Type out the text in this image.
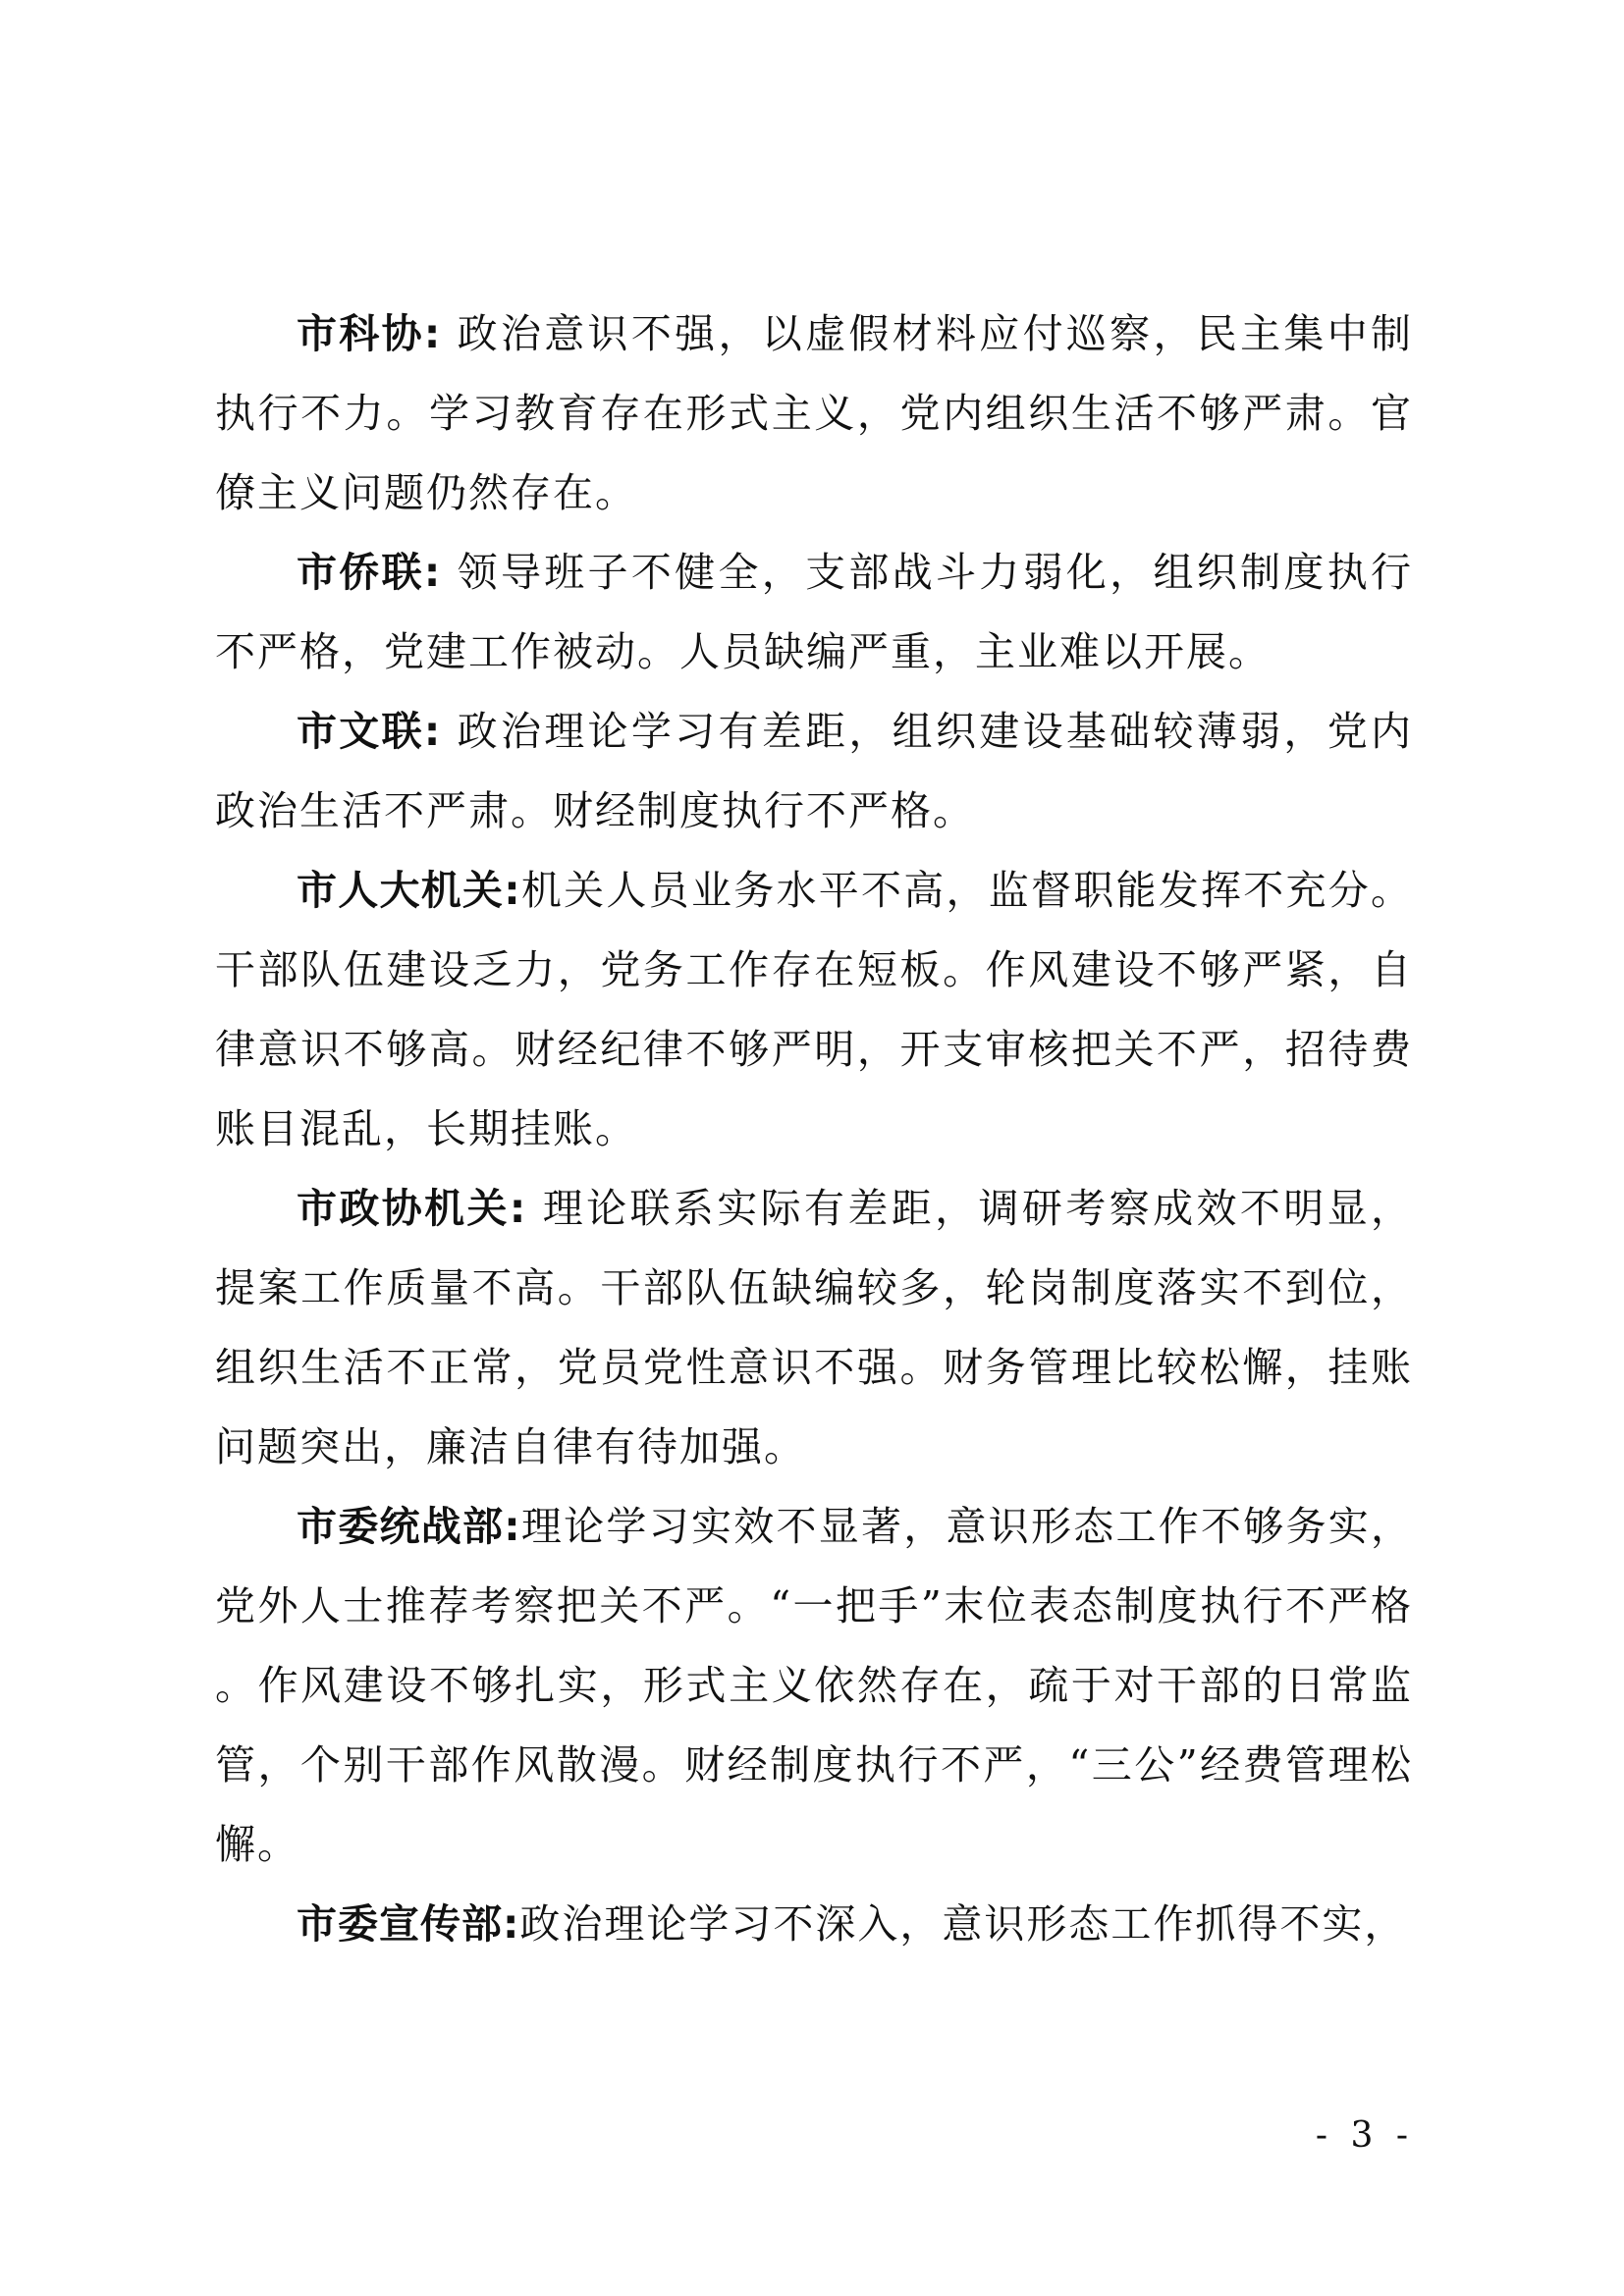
市科协: 政治意识不强，以虚假材料应付巡察，民主集中制执行不力。学习教育存在形式主义，党内组织生活不够严肃。官僚主义问题仍然存在。

市侨联: 领导班子不健全，支部战斗力弱化，组织制度执行不严格，党建工作被动。人员缺编严重，主业难以开展。

市文联: 政治理论学习有差距，组织建设基础较薄弱，党内政治生活不严肃。财经制度执行不严格。

市人大机关:机关人员业务水平不高，监督职能发挥不充分。干部队伍建设乏力，党务工作存在短板。作风建设不够严紧，自律意识不够高。财经纪律不够严明，开支审核把关不严，招待费账目混乱，长期挂账。

市政协机关: 理论联系实际有差距，调研考察成效不明显，提案工作质量不高。干部队伍缺编较多，轮岗制度落实不到位，组织生活不正常，党员党性意识不强。财务管理比较松懈，挂账问题突出，廉洁自律有待加强。

市委统战部:理论学习实效不显著，意识形态工作不够务实，党外人士推荐考察把关不严。“一把手”末位表态制度执行不严格。作风建设不够扎实，形式主义依然存在，疏于对干部的日常监管，个别干部作风散漫。财经制度执行不严，“三公”经费管理松懈。

市委宣传部:政治理论学习不深入，意识形态工作抓得不实，

- 3 -
